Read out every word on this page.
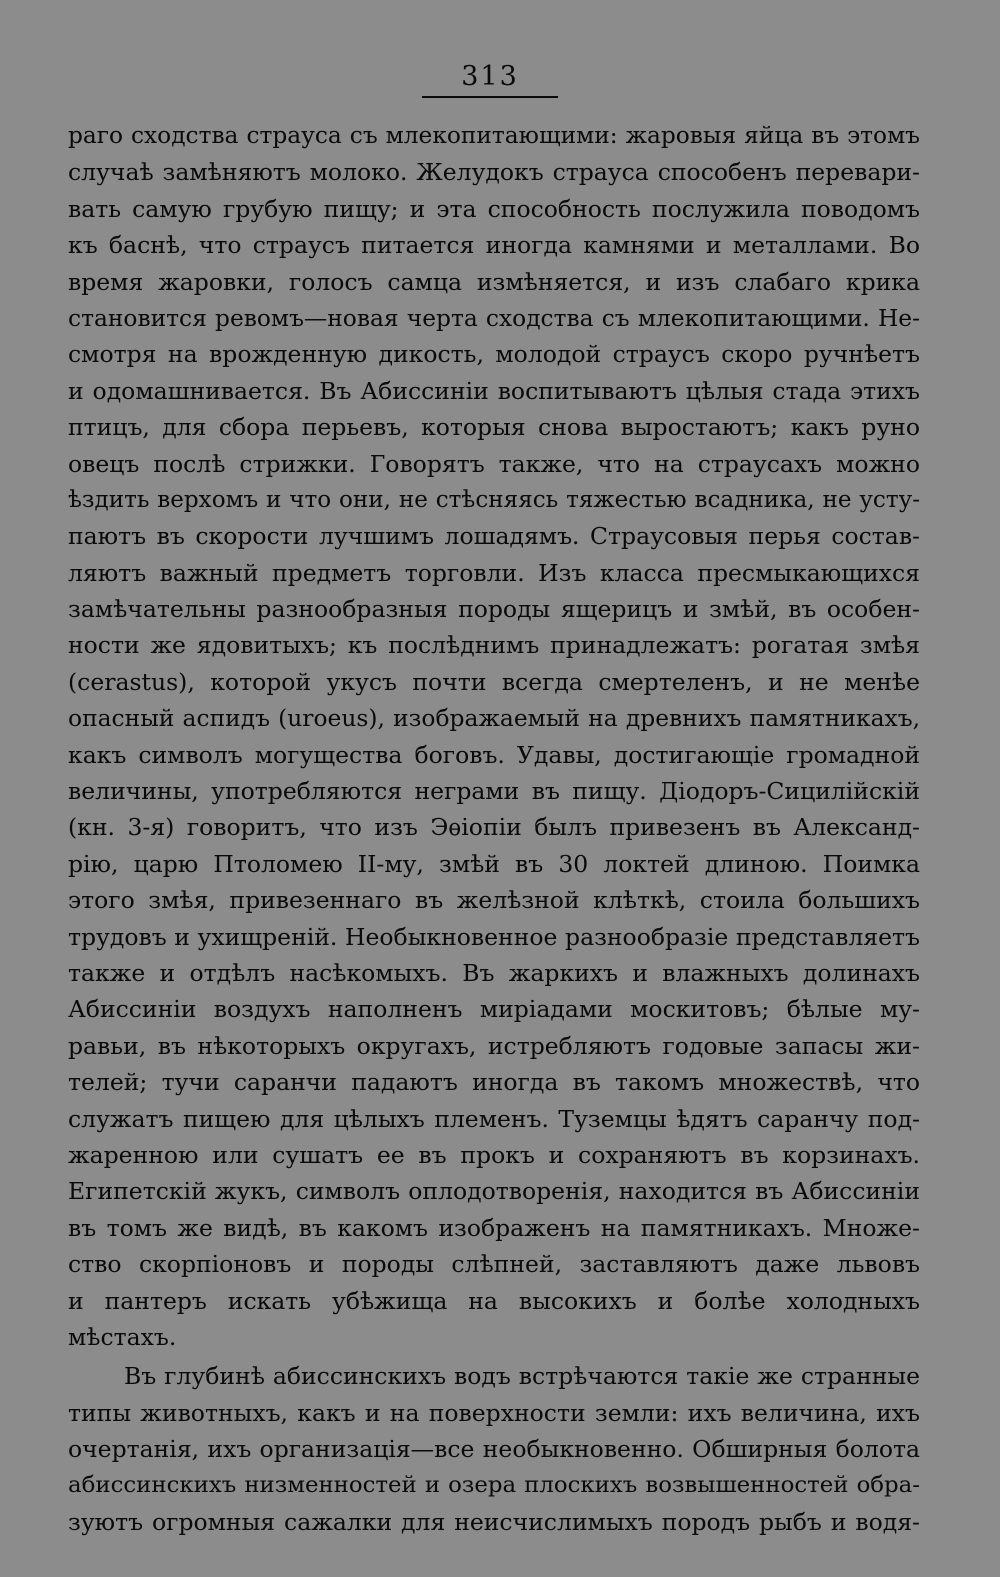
313
раго сходства страуса съ млекопитающими: жаровыя яйца въ этомъ
случаѣ замѣняютъ молоко. Желудокъ страуса способенъ перевари-
вать самую грубую пищу; и эта способность послужила поводомъ
къ баснѣ, что страусъ питается иногда камнями и металлами. Во
время жаровки, голосъ самца измѣняется, и изъ слабаго крика
становится ревомъ—новая черта сходства съ млекопитающими. Не-
смотря на врожденную дикость, молодой страусъ скоро ручнѣетъ
и одомашнивается. Въ Абиссиніи воспитываютъ цѣлыя стада этихъ
птицъ, для сбора перьевъ, которыя снова выростаютъ; какъ руно
овецъ послѣ стрижки. Говорятъ также, что на страусахъ можно
ѣздить верхомъ и что они, не стѣсняясь тяжестью всадника, не усту-
паютъ въ скорости лучшимъ лошадямъ. Страусовыя перья состав-
ляютъ важный предметъ торговли. Изъ класса пресмыкающихся
замѣчательны разнообразныя породы ящерицъ и змѣй, въ особен-
ности же ядовитыхъ; къ послѣднимъ принадлежатъ: рогатая змѣя
(cerastus), которой укусъ почти всегда смертеленъ, и не менѣе
опасный аспидъ (uroeus), изображаемый на древнихъ памятникахъ,
какъ символъ могущества боговъ. Удавы, достигающіе громадной
величины, употребляются неграми въ пищу. Діодоръ-Сицилійскій
(кн. 3-я) говоритъ, что изъ Эѳіопіи былъ привезенъ въ Александ-
рію, царю Птоломею II-му, змѣй въ 30 локтей длиною. Поимка
этого змѣя, привезеннаго въ желѣзной клѣткѣ, стоила большихъ
трудовъ и ухищреній. Необыкновенное разнообразіе представляетъ
также и отдѣлъ насѣкомыхъ. Въ жаркихъ и влажныхъ долинахъ
Абиссиніи воздухъ наполненъ миріадами москитовъ; бѣлые му-
равьи, въ нѣкоторыхъ округахъ, истребляютъ годовые запасы жи-
телей; тучи саранчи падаютъ иногда въ такомъ множествѣ, что
служатъ пищею для цѣлыхъ племенъ. Туземцы ѣдятъ саранчу под-
жаренною или сушатъ ее въ прокъ и сохраняютъ въ корзинахъ.
Египетскій жукъ, символъ оплодотворенія, находится въ Абиссиніи
въ томъ же видѣ, въ какомъ изображенъ на памятникахъ. Множе-
ство скорпіоновъ и породы слѣпней, заставляютъ даже львовъ
и пантеръ искать убѣжища на высокихъ и болѣе холодныхъ
мѣстахъ.
Въ глубинѣ абиссинскихъ водъ встрѣчаются такіе же странные
типы животныхъ, какъ и на поверхности земли: ихъ величина, ихъ
очертанія, ихъ организація—все необыкновенно. Обширныя болота
абиссинскихъ низменностей и озера плоскихъ возвышенностей обра-
зуютъ огромныя сажалки для неисчислимыхъ породъ рыбъ и водя-
